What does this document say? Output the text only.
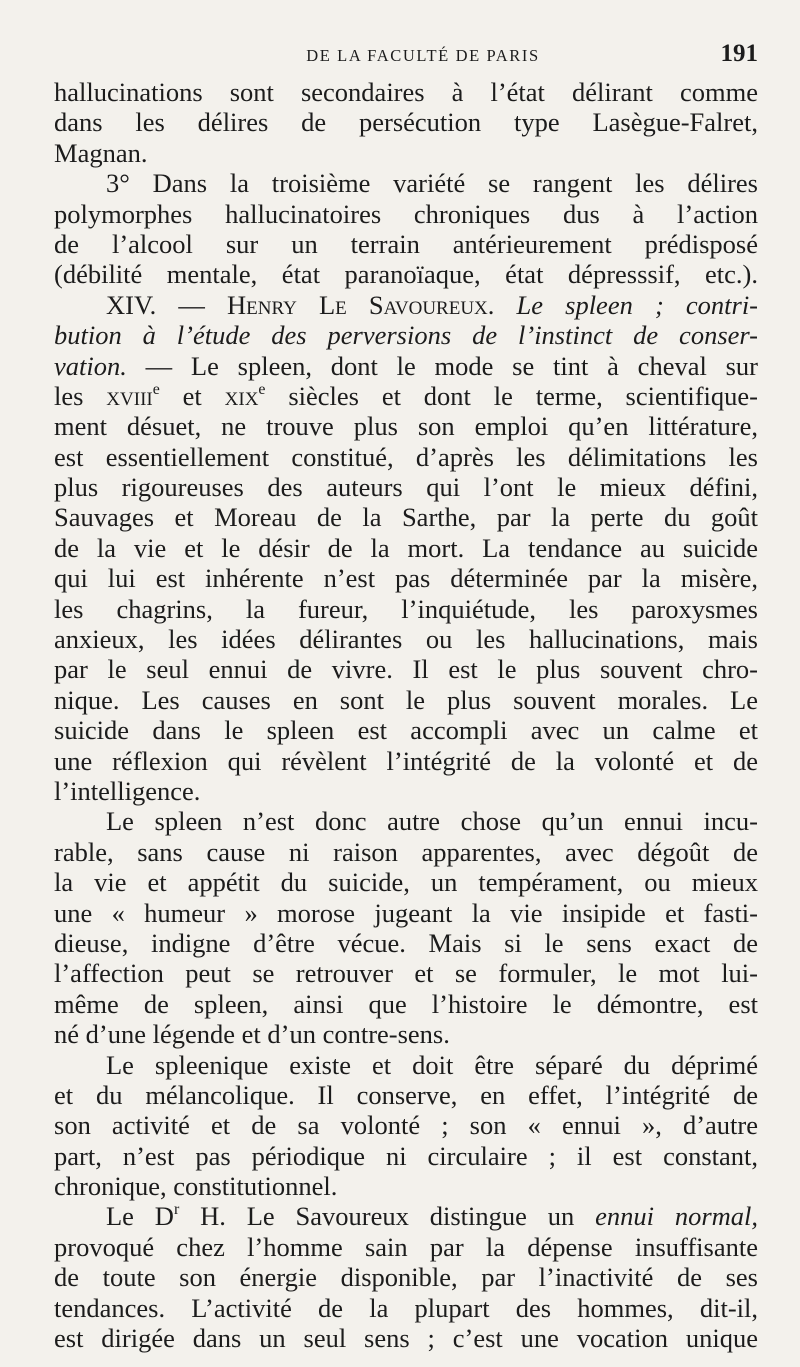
DE LA FACULTÉ DE PARIS	191
hallucinations sont secondaires à l’état délirant comme
dans les délires de persécution type Lasègue-Falret,
Magnan.
3° Dans la troisième variété se rangent les délires
polymorphes hallucinatoires chroniques dus à l’action
de l’alcool sur un terrain antérieurement prédisposé
(débilité mentale, état paranoïaque, état dépresssif, etc.).
XIV. — Henry Le Savoureux. Le spleen ; contri-
bution à l’étude des perversions de l’instinct de conser-
vation. — Le spleen, dont le mode se tint à cheval sur
les xviii$^e$ et xix$^e$ siècles et dont le terme, scientifique-
ment désuet, ne trouve plus son emploi qu’en littérature,
est essentiellement constitué, d’après les délimitations les
plus rigoureuses des auteurs qui l’ont le mieux défini,
Sauvages et Moreau de la Sarthe, par la perte du goût
de la vie et le désir de la mort. La tendance au suicide
qui lui est inhérente n’est pas déterminée par la misère,
les chagrins, la fureur, l’inquiétude, les paroxysmes
anxieux, les idées délirantes ou les hallucinations, mais
par le seul ennui de vivre. Il est le plus souvent chro-
nique. Les causes en sont le plus souvent morales. Le
suicide dans le spleen est accompli avec un calme et
une réflexion qui révèlent l’intégrité de la volonté et de
l’intelligence.
Le spleen n’est donc autre chose qu’un ennui incu-
rable, sans cause ni raison apparentes, avec dégoût de
la vie et appétit du suicide, un tempérament, ou mieux
une « humeur » morose jugeant la vie insipide et fasti-
dieuse, indigne d’être vécue. Mais si le sens exact de
l’affection peut se retrouver et se formuler, le mot lui-
même de spleen, ainsi que l’histoire le démontre, est
né d’une légende et d’un contre-sens.
Le spleenique existe et doit être séparé du déprimé
et du mélancolique. Il conserve, en effet, l’intégrité de
son activité et de sa volonté ; son « ennui », d’autre
part, n’est pas périodique ni circulaire ; il est constant,
chronique, constitutionnel.
Le $D^r$ H. Le Savoureux distingue un ennui normal,
provoqué chez l’homme sain par la dépense insuffisante
de toute son énergie disponible, par l’inactivité de ses
tendances. L’activité de la plupart des hommes, dit-il,
est dirigée dans un seul sens ; c’est une vocation unique
